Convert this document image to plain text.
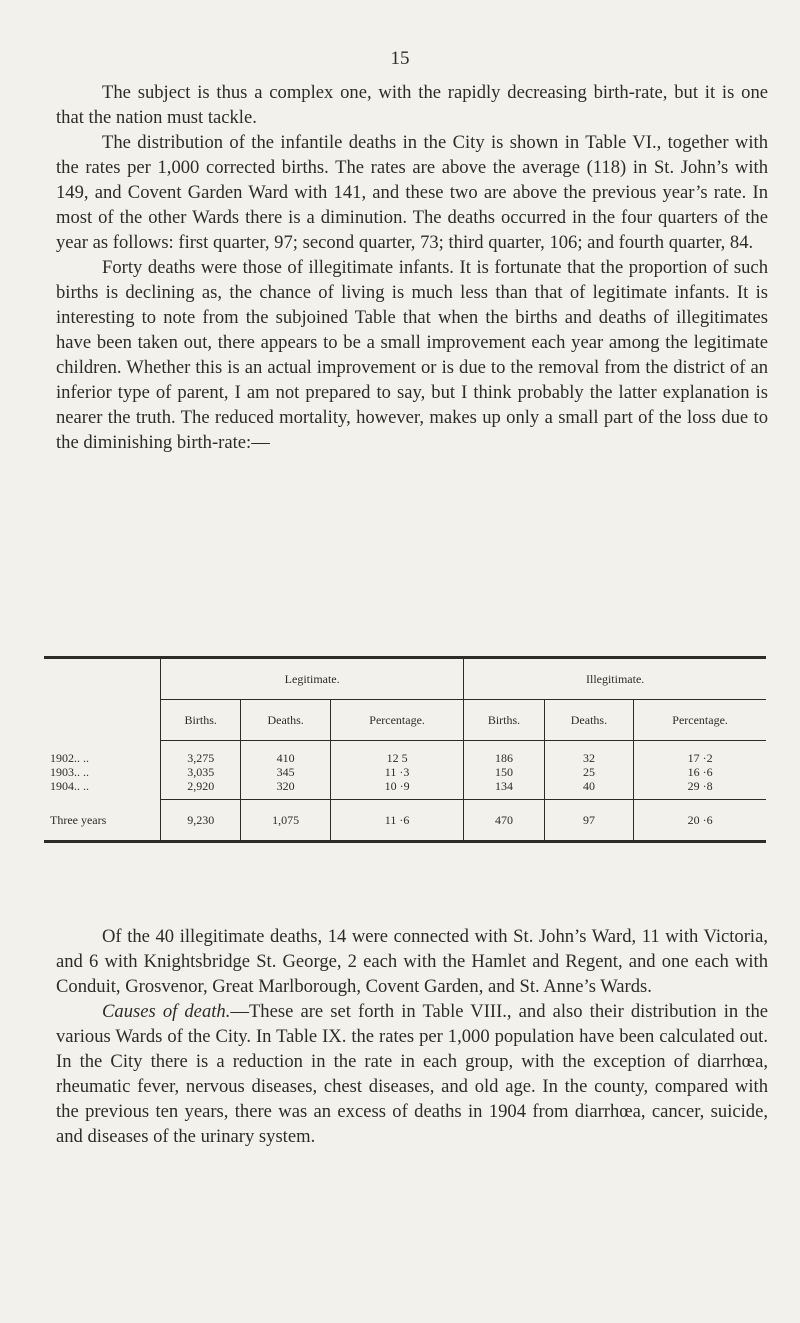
15

The subject is thus a complex one, with the rapidly decreasing birth-rate, but it is one that the nation must tackle.

The distribution of the infantile deaths in the City is shown in Table VI., together with the rates per 1,000 corrected births. The rates are above the average (118) in St. John’s with 149, and Covent Garden Ward with 141, and these two are above the previous year’s rate. In most of the other Wards there is a diminution. The deaths occurred in the four quarters of the year as follows: first quarter, 97; second quarter, 73; third quarter, 106; and fourth quarter, 84.

Forty deaths were those of illegitimate infants. It is fortunate that the proportion of such births is declining as, the chance of living is much less than that of legitimate infants. It is interesting to note from the subjoined Table that when the births and deaths of illegitimates have been taken out, there appears to be a small improvement each year among the legitimate children. Whether this is an actual improvement or is due to the removal from the district of an inferior type of parent, I am not prepared to say, but I think probably the latter explanation is nearer the truth. The reduced mortality, however, makes up only a small part of the loss due to the diminishing birth-rate:—

	Legitimate.			Illegitimate.		
	Births.	Deaths.	Percentage.	Births.	Deaths.	Percentage.
1902.. ..	3,275	410	12 5	186	32	17 ·2
1903.. ..	3,035	345	11 ·3	150	25	16 ·6
1904.. ..	2,920	320	10 ·9	134	40	29 ·8
Three years	9,230	1,075	11 ·6	470	97	20 ·6

Of the 40 illegitimate deaths, 14 were connected with St. John’s Ward, 11 with Victoria, and 6 with Knightsbridge St. George, 2 each with the Hamlet and Regent, and one each with Conduit, Grosvenor, Great Marlborough, Covent Garden, and St. Anne’s Wards.

Causes of death.—These are set forth in Table VIII., and also their distribution in the various Wards of the City. In Table IX. the rates per 1,000 population have been calculated out. In the City there is a reduction in the rate in each group, with the exception of diarrhœa, rheumatic fever, nervous diseases, chest diseases, and old age. In the county, compared with the previous ten years, there was an excess of deaths in 1904 from diarrhœa, cancer, suicide, and diseases of the urinary system.
